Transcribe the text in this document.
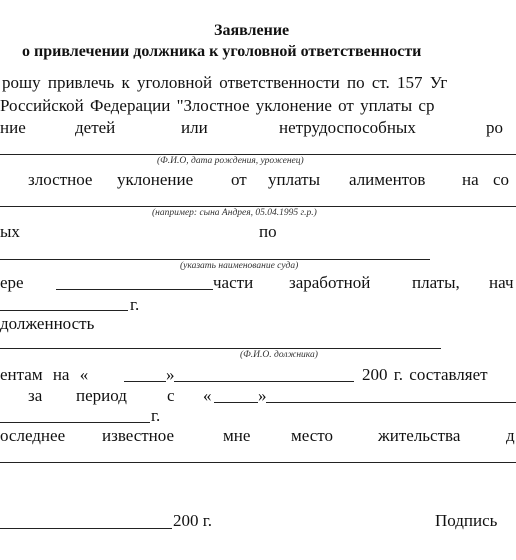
Заявление
о привлечении должника к уголовной ответственности
рошу привлечь к уголовной ответственности по ст. 157 Уг
Российской Федерации "Злостное уклонение от уплаты ср
ние	детей	или	нетрудоспособных	ро
(Ф.И.О, дата рождения, уроженец)
злостное уклонение от уплаты алиментов на со
(например: сына Андрея, 05.04.1995 г.р.)
ых	по
(указать наименование суда)
ере	части заработной платы, нач
г.
долженность
(Ф.И.О. должника)
ентам на «	»	200 г. составляет
за период с «	»
г.
оследнее известное	мне место	жительства	д
200 г.	Подпись
